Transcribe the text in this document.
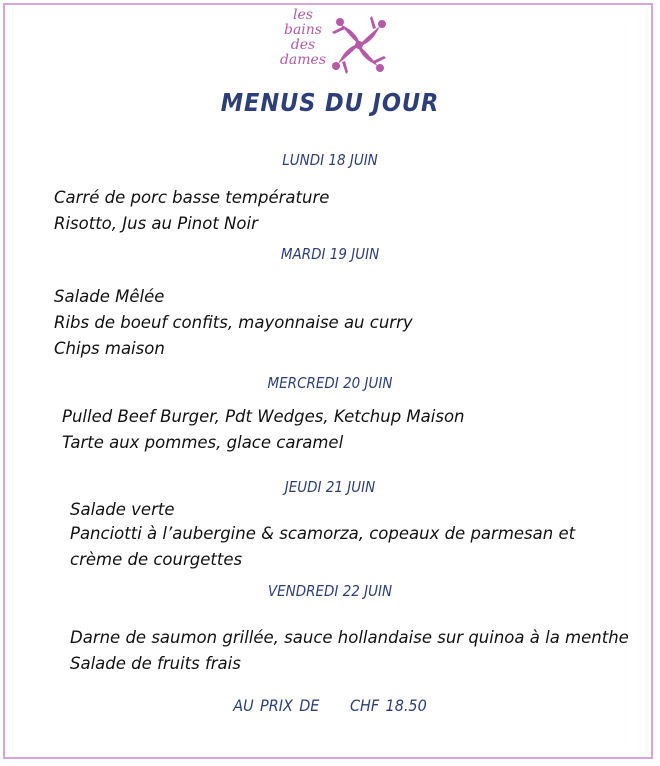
les
bains
des
dames
MENUS DU JOUR
LUNDI 18 JUIN
Carré de porc basse température
Risotto, Jus au Pinot Noir
MARDI 19 JUIN
Salade Mêlée
Ribs de boeuf confits, mayonnaise au curry
Chips maison
MERCREDI 20 JUIN
Pulled Beef Burger, Pdt Wedges, Ketchup Maison
Tarte aux pommes, glace caramel
JEUDI 21 JUIN
Salade verte
Panciotti à l’aubergine & scamorza, copeaux de parmesan et
crème de courgettes
VENDREDI 22 JUIN
Darne de saumon grillée, sauce hollandaise sur quinoa à la menthe
Salade de fruits frais
AU PRIX DE CHF 18.50
